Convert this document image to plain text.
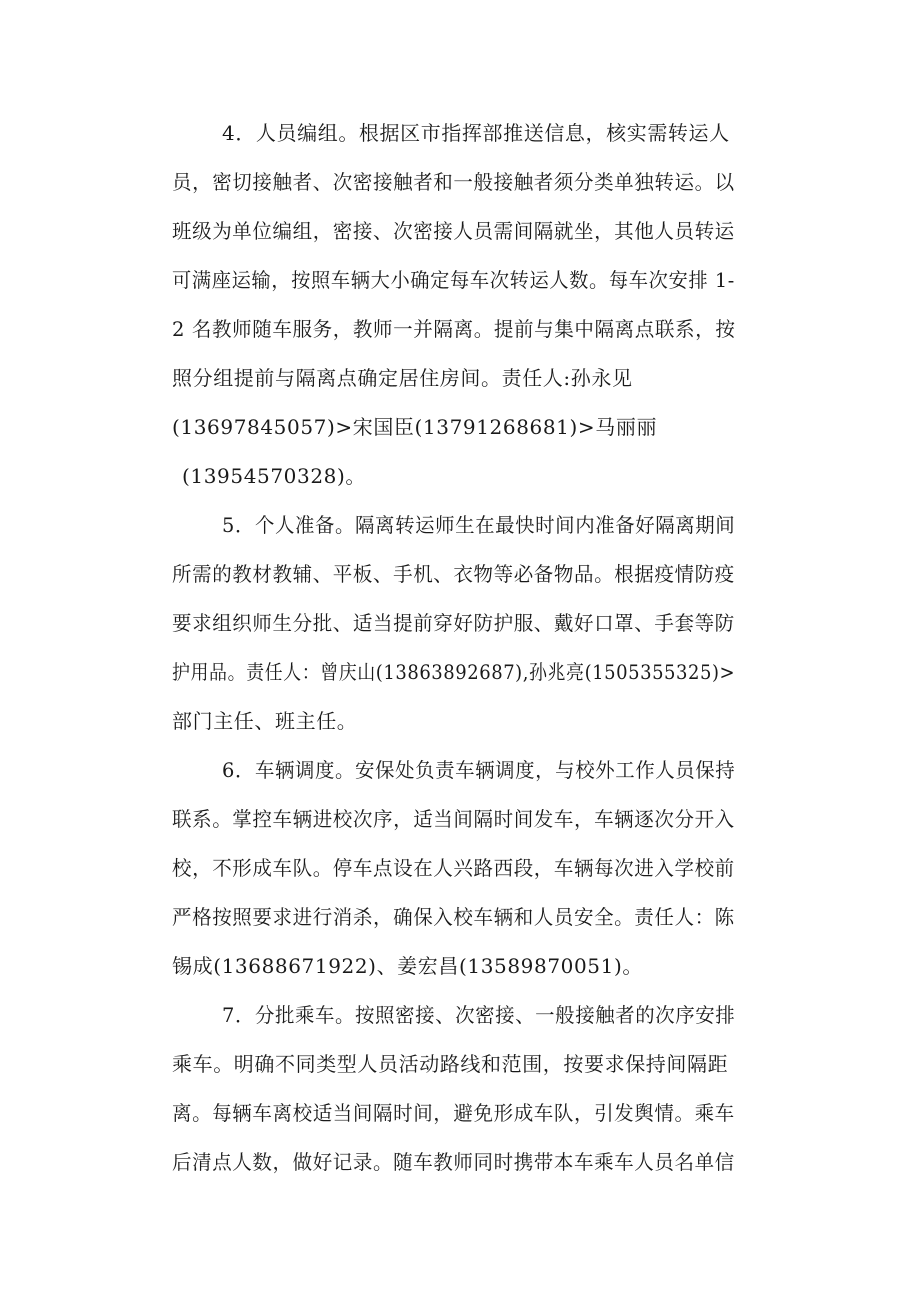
4．人员编组。根据区市指挥部推送信息，核实需转运人
员，密切接触者、次密接触者和一般接触者须分类单独转运。以
班级为单位编组，密接、次密接人员需间隔就坐，其他人员转运
可满座运输，按照车辆大小确定每车次转运人数。每车次安排 1-
2 名教师随车服务，教师一并隔离。提前与集中隔离点联系，按
照分组提前与隔离点确定居住房间。责任人:孙永见
(13697845057)>宋国臣(13791268681)>马丽丽
(13954570328)。
5．个人准备。隔离转运师生在最快时间内准备好隔离期间
所需的教材教辅、平板、手机、衣物等必备物品。根据疫情防疫
要求组织师生分批、适当提前穿好防护服、戴好口罩、手套等防
护用品。责任人：曾庆山(13863892687),孙兆亮(1505355325)>
部门主任、班主任。
6．车辆调度。安保处负责车辆调度，与校外工作人员保持
联系。掌控车辆进校次序，适当间隔时间发车，车辆逐次分开入
校，不形成车队。停车点设在人兴路西段，车辆每次进入学校前
严格按照要求进行消杀，确保入校车辆和人员安全。责任人：陈
锡成(13688671922)、姜宏昌(13589870051)。
7．分批乘车。按照密接、次密接、一般接触者的次序安排
乘车。明确不同类型人员活动路线和范围，按要求保持间隔距
离。每辆车离校适当间隔时间，避免形成车队，引发舆情。乘车
后清点人数，做好记录。随车教师同时携带本车乘车人员名单信
